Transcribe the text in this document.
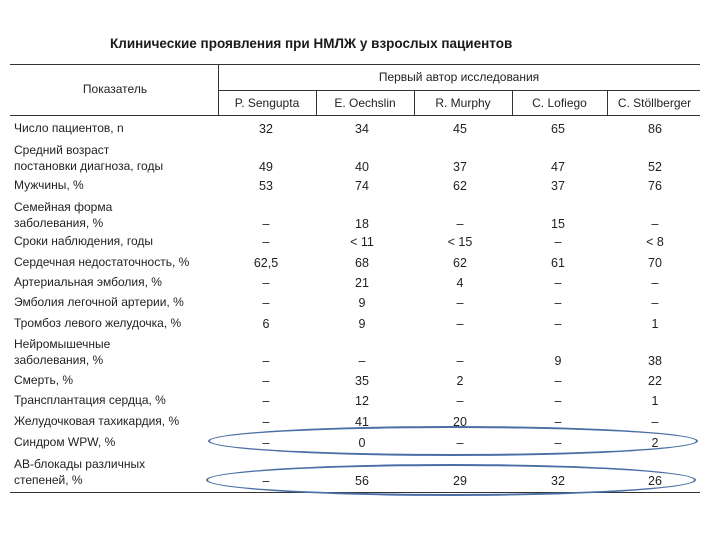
Клинические проявления при НМЛЖ у взрослых пациентов
Показатель
Первый автор исследования
P. Sengupta	E. Oechslin	R. Murphy	C. Lofiego	C. Stöllberger
Число пациентов, n	32	34	45	65	86
Средний возраст
постановки диагноза, годы	49	40	37	47	52
Мужчины, %	53	74	62	37	76
Семейная форма
заболевания, %	–	18	–	15	–
Сроки наблюдения, годы	–	< 11	< 15	–	< 8
Сердечная недостаточность, %	62,5	68	62	61	70
Артериальная эмболия, %	–	21	4	–	–
Эмболия легочной артерии, %	–	9	–	–	–
Тромбоз левого желудочка, %	6	9	–	–	1
Нейромышечные
заболевания, %	–	–	–	9	38
Смерть, %	–	35	2	–	22
Трансплантация сердца, %	–	12	–	–	1
Желудочковая тахикардия, %	–	41	20	–	–
Синдром WPW, %	–	0	–	–	2
АВ-блокады различных
степеней, %	–	56	29	32	26
